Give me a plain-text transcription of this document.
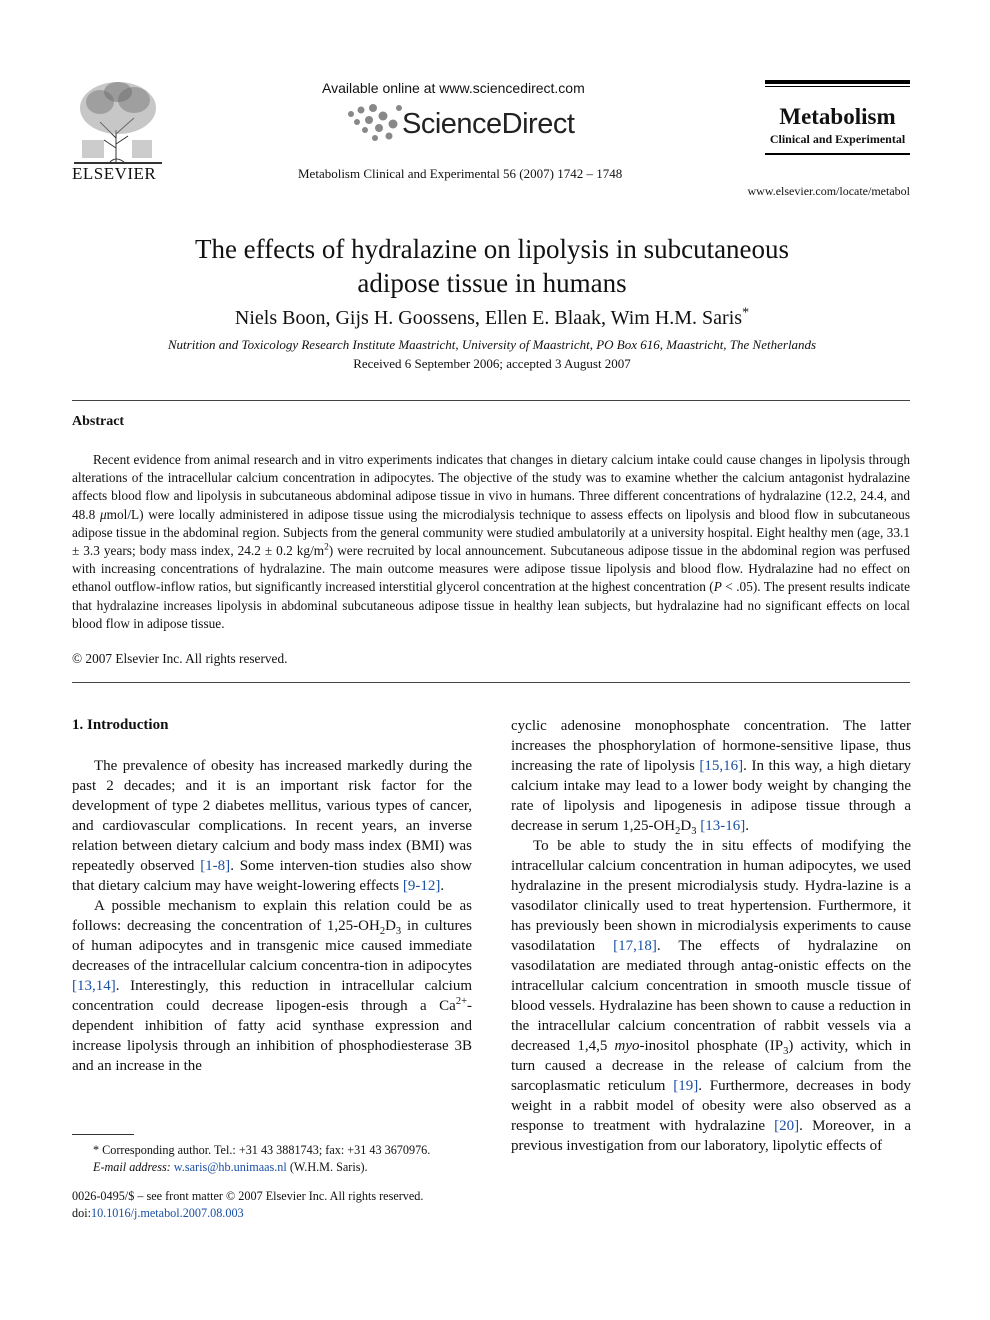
ELSEVIER
Available online at www.sciencedirect.com
ScienceDirect
Metabolism Clinical and Experimental 56 (2007) 1742 – 1748
Metabolism
Clinical and Experimental
www.elsevier.com/locate/metabol
The effects of hydralazine on lipolysis in subcutaneous
adipose tissue in humans
Niels Boon, Gijs H. Goossens, Ellen E. Blaak, Wim H.M. Saris*
Nutrition and Toxicology Research Institute Maastricht, University of Maastricht, PO Box 616, Maastricht, The Netherlands
Received 6 September 2006; accepted 3 August 2007
Abstract

Recent evidence from animal research and in vitro experiments indicates that changes in dietary calcium intake could cause changes in lipolysis through alterations of the intracellular calcium concentration in adipocytes. The objective of the study was to examine whether the calcium antagonist hydralazine affects blood flow and lipolysis in subcutaneous abdominal adipose tissue in vivo in humans. Three different concentrations of hydralazine (12.2, 24.4, and 48.8 μmol/L) were locally administered in adipose tissue using the microdialysis technique to assess effects on lipolysis and blood flow in subcutaneous adipose tissue in the abdominal region. Subjects from the general community were studied ambulatorily at a university hospital. Eight healthy men (age, 33.1 ± 3.3 years; body mass index, 24.2 ± 0.2 $kg/m^2$) were recruited by local announcement. Subcutaneous adipose tissue in the abdominal region was perfused with increasing concentrations of hydralazine. The main outcome measures were adipose tissue lipolysis and blood flow. Hydralazine had no effect on ethanol outflow-inflow ratios, but significantly increased interstitial glycerol concentration at the highest concentration (P < .05). The present results indicate that hydralazine increases lipolysis in abdominal subcutaneous adipose tissue in healthy lean subjects, but hydralazine had no significant effects on local blood flow in adipose tissue.

© 2007 Elsevier Inc. All rights reserved.
1. Introduction

The prevalence of obesity has increased markedly during the past 2 decades; and it is an important risk factor for the development of type 2 diabetes mellitus, various types of cancer, and cardiovascular complications. In recent years, an inverse relation between dietary calcium and body mass index (BMI) was repeatedly observed [1-8]. Some interven-tion studies also show that dietary calcium may have weight-lowering effects [9-12].

A possible mechanism to explain this relation could be as follows: decreasing the concentration of $1,25-OH_2D_3$ in cultures of human adipocytes and in transgenic mice caused immediate decreases of the intracellular calcium concentra-tion in adipocytes [13,14]. Interestingly, this reduction in intracellular calcium concentration could decrease lipogen-esis through a $Ca^{2+}$-dependent inhibition of fatty acid synthase expression and increase lipolysis through an inhibition of phosphodiesterase 3B and an increase in the

cyclic adenosine monophosphate concentration. The latter increases the phosphorylation of hormone-sensitive lipase, thus increasing the rate of lipolysis [15,16]. In this way, a high dietary calcium intake may lead to a lower body weight by changing the rate of lipolysis and lipogenesis in adipose tissue through a decrease in serum $1,25-OH_2D_3$ [13-16].

To be able to study the in situ effects of modifying the intracellular calcium concentration in human adipocytes, we used hydralazine in the present microdialysis study. Hydra-lazine is a vasodilator clinically used to treat hypertension. Furthermore, it has previously been shown in microdialysis experiments to cause vasodilatation [17,18]. The effects of hydralazine on vasodilatation are mediated through antag-onistic effects on the intracellular calcium concentration in smooth muscle tissue of blood vessels. Hydralazine has been shown to cause a reduction in the intracellular calcium concentration of rabbit vessels via a decreased 1,4,5 myo-inositol phosphate $(IP_3)$ activity, which in turn caused a decrease in the release of calcium from the sarcoplasmatic reticulum [19]. Furthermore, decreases in body weight in a rabbit model of obesity were also observed as a response to treatment with hydralazine [20]. Moreover, in a previous investigation from our laboratory, lipolytic effects of

* Corresponding author. Tel.: +31 43 3881743; fax: +31 43 3670976.
E-mail address: w.saris@hb.unimaas.nl (W.H.M. Saris).
0026-0495/$ – see front matter © 2007 Elsevier Inc. All rights reserved.
doi:10.1016/j.metabol.2007.08.003
